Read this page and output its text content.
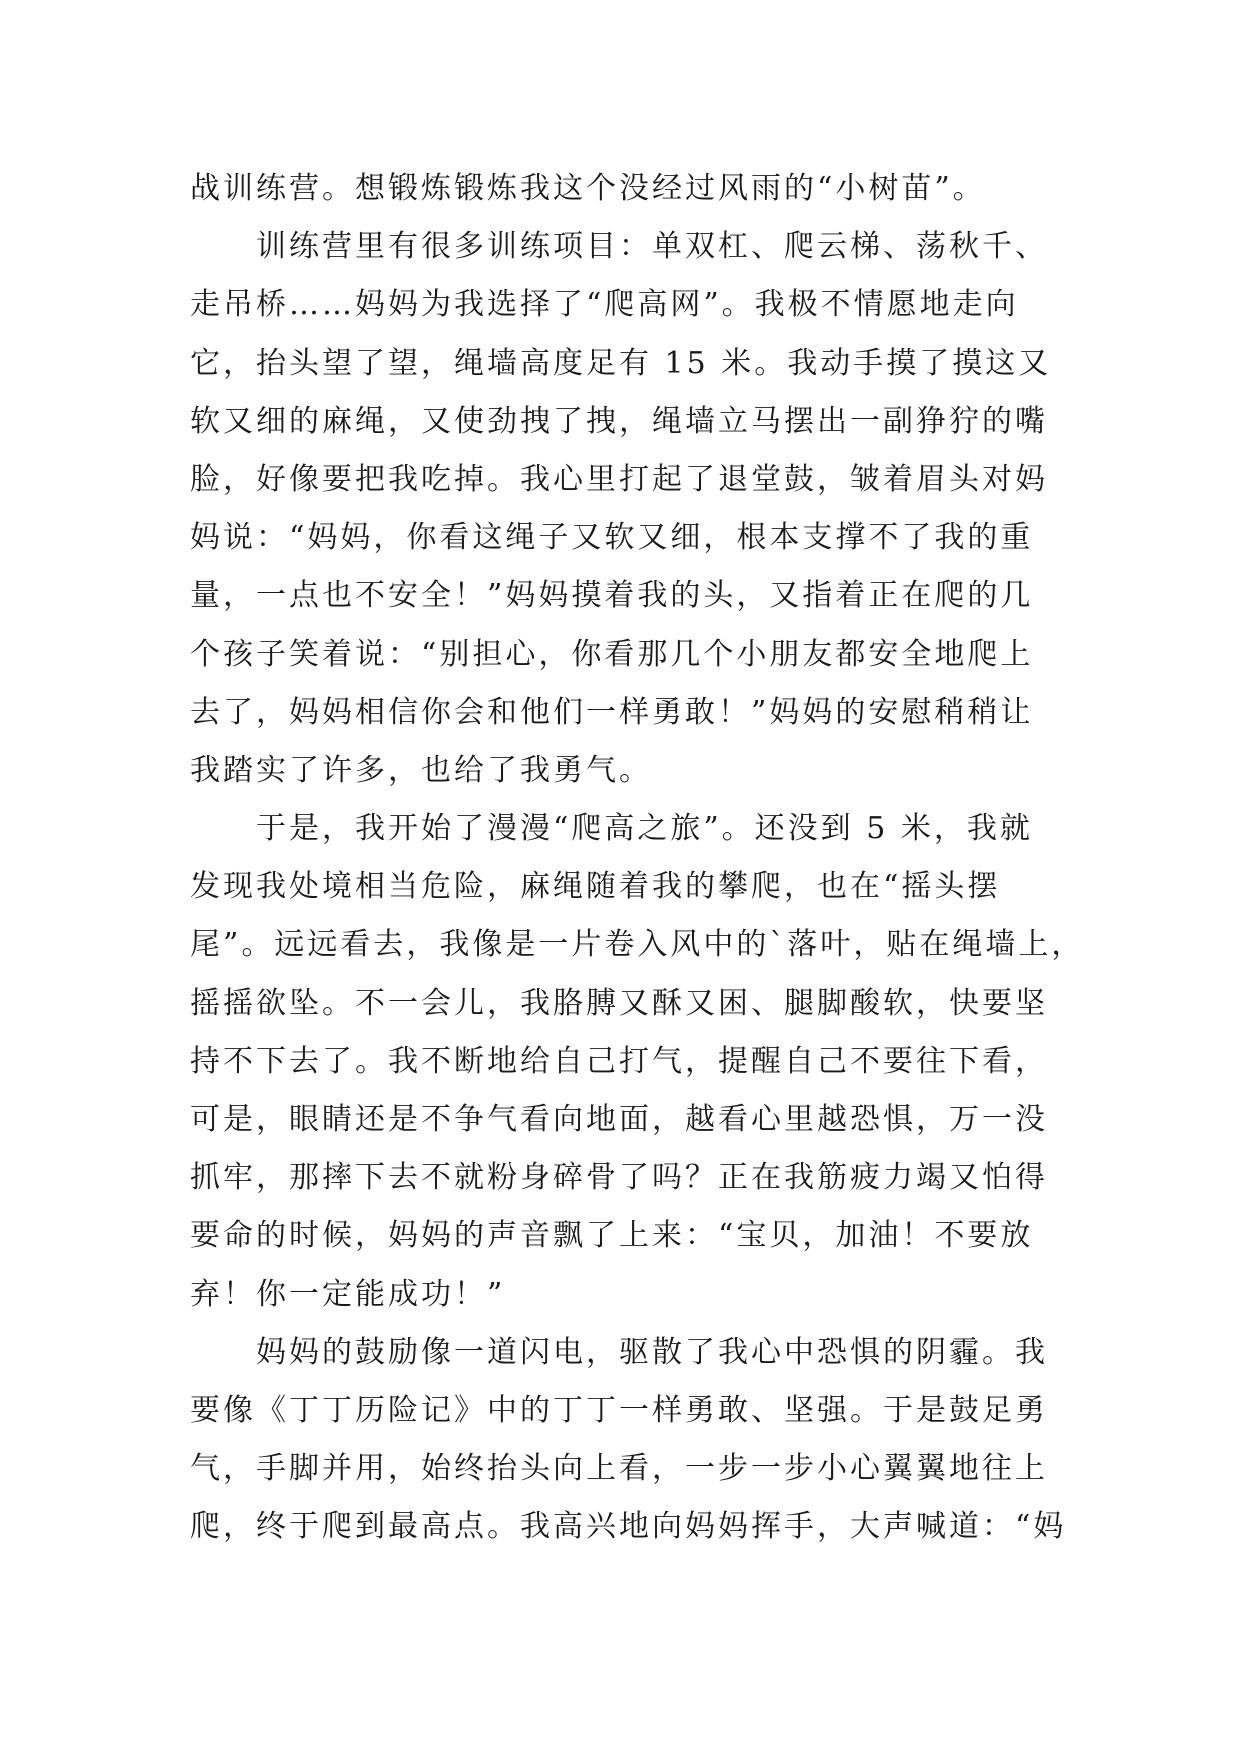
战训练营。想锻炼锻炼我这个没经过风雨的“小树苗”。
　　训练营里有很多训练项目：单双杠、爬云梯、荡秋千、
走吊桥……妈妈为我选择了“爬高网”。我极不情愿地走向
它，抬头望了望，绳墙高度足有 15 米。我动手摸了摸这又
软又细的麻绳，又使劲拽了拽，绳墙立马摆出一副狰狞的嘴
脸，好像要把我吃掉。我心里打起了退堂鼓，皱着眉头对妈
妈说：“妈妈，你看这绳子又软又细，根本支撑不了我的重
量，一点也不安全！”妈妈摸着我的头，又指着正在爬的几
个孩子笑着说：“别担心，你看那几个小朋友都安全地爬上
去了，妈妈相信你会和他们一样勇敢！”妈妈的安慰稍稍让
我踏实了许多，也给了我勇气。
　　于是，我开始了漫漫“爬高之旅”。还没到 5 米，我就
发现我处境相当危险，麻绳随着我的攀爬，也在“摇头摆
尾”。远远看去，我像是一片卷入风中的`落叶，贴在绳墙上，
摇摇欲坠。不一会儿，我胳膊又酥又困、腿脚酸软，快要坚
持不下去了。我不断地给自己打气，提醒自己不要往下看，
可是，眼睛还是不争气看向地面，越看心里越恐惧，万一没
抓牢，那摔下去不就粉身碎骨了吗？正在我筋疲力竭又怕得
要命的时候，妈妈的声音飘了上来：“宝贝，加油！不要放
弃！你一定能成功！”
　　妈妈的鼓励像一道闪电，驱散了我心中恐惧的阴霾。我
要像《丁丁历险记》中的丁丁一样勇敢、坚强。于是鼓足勇
气，手脚并用，始终抬头向上看，一步一步小心翼翼地往上
爬，终于爬到最高点。我高兴地向妈妈挥手，大声喊道：“妈
